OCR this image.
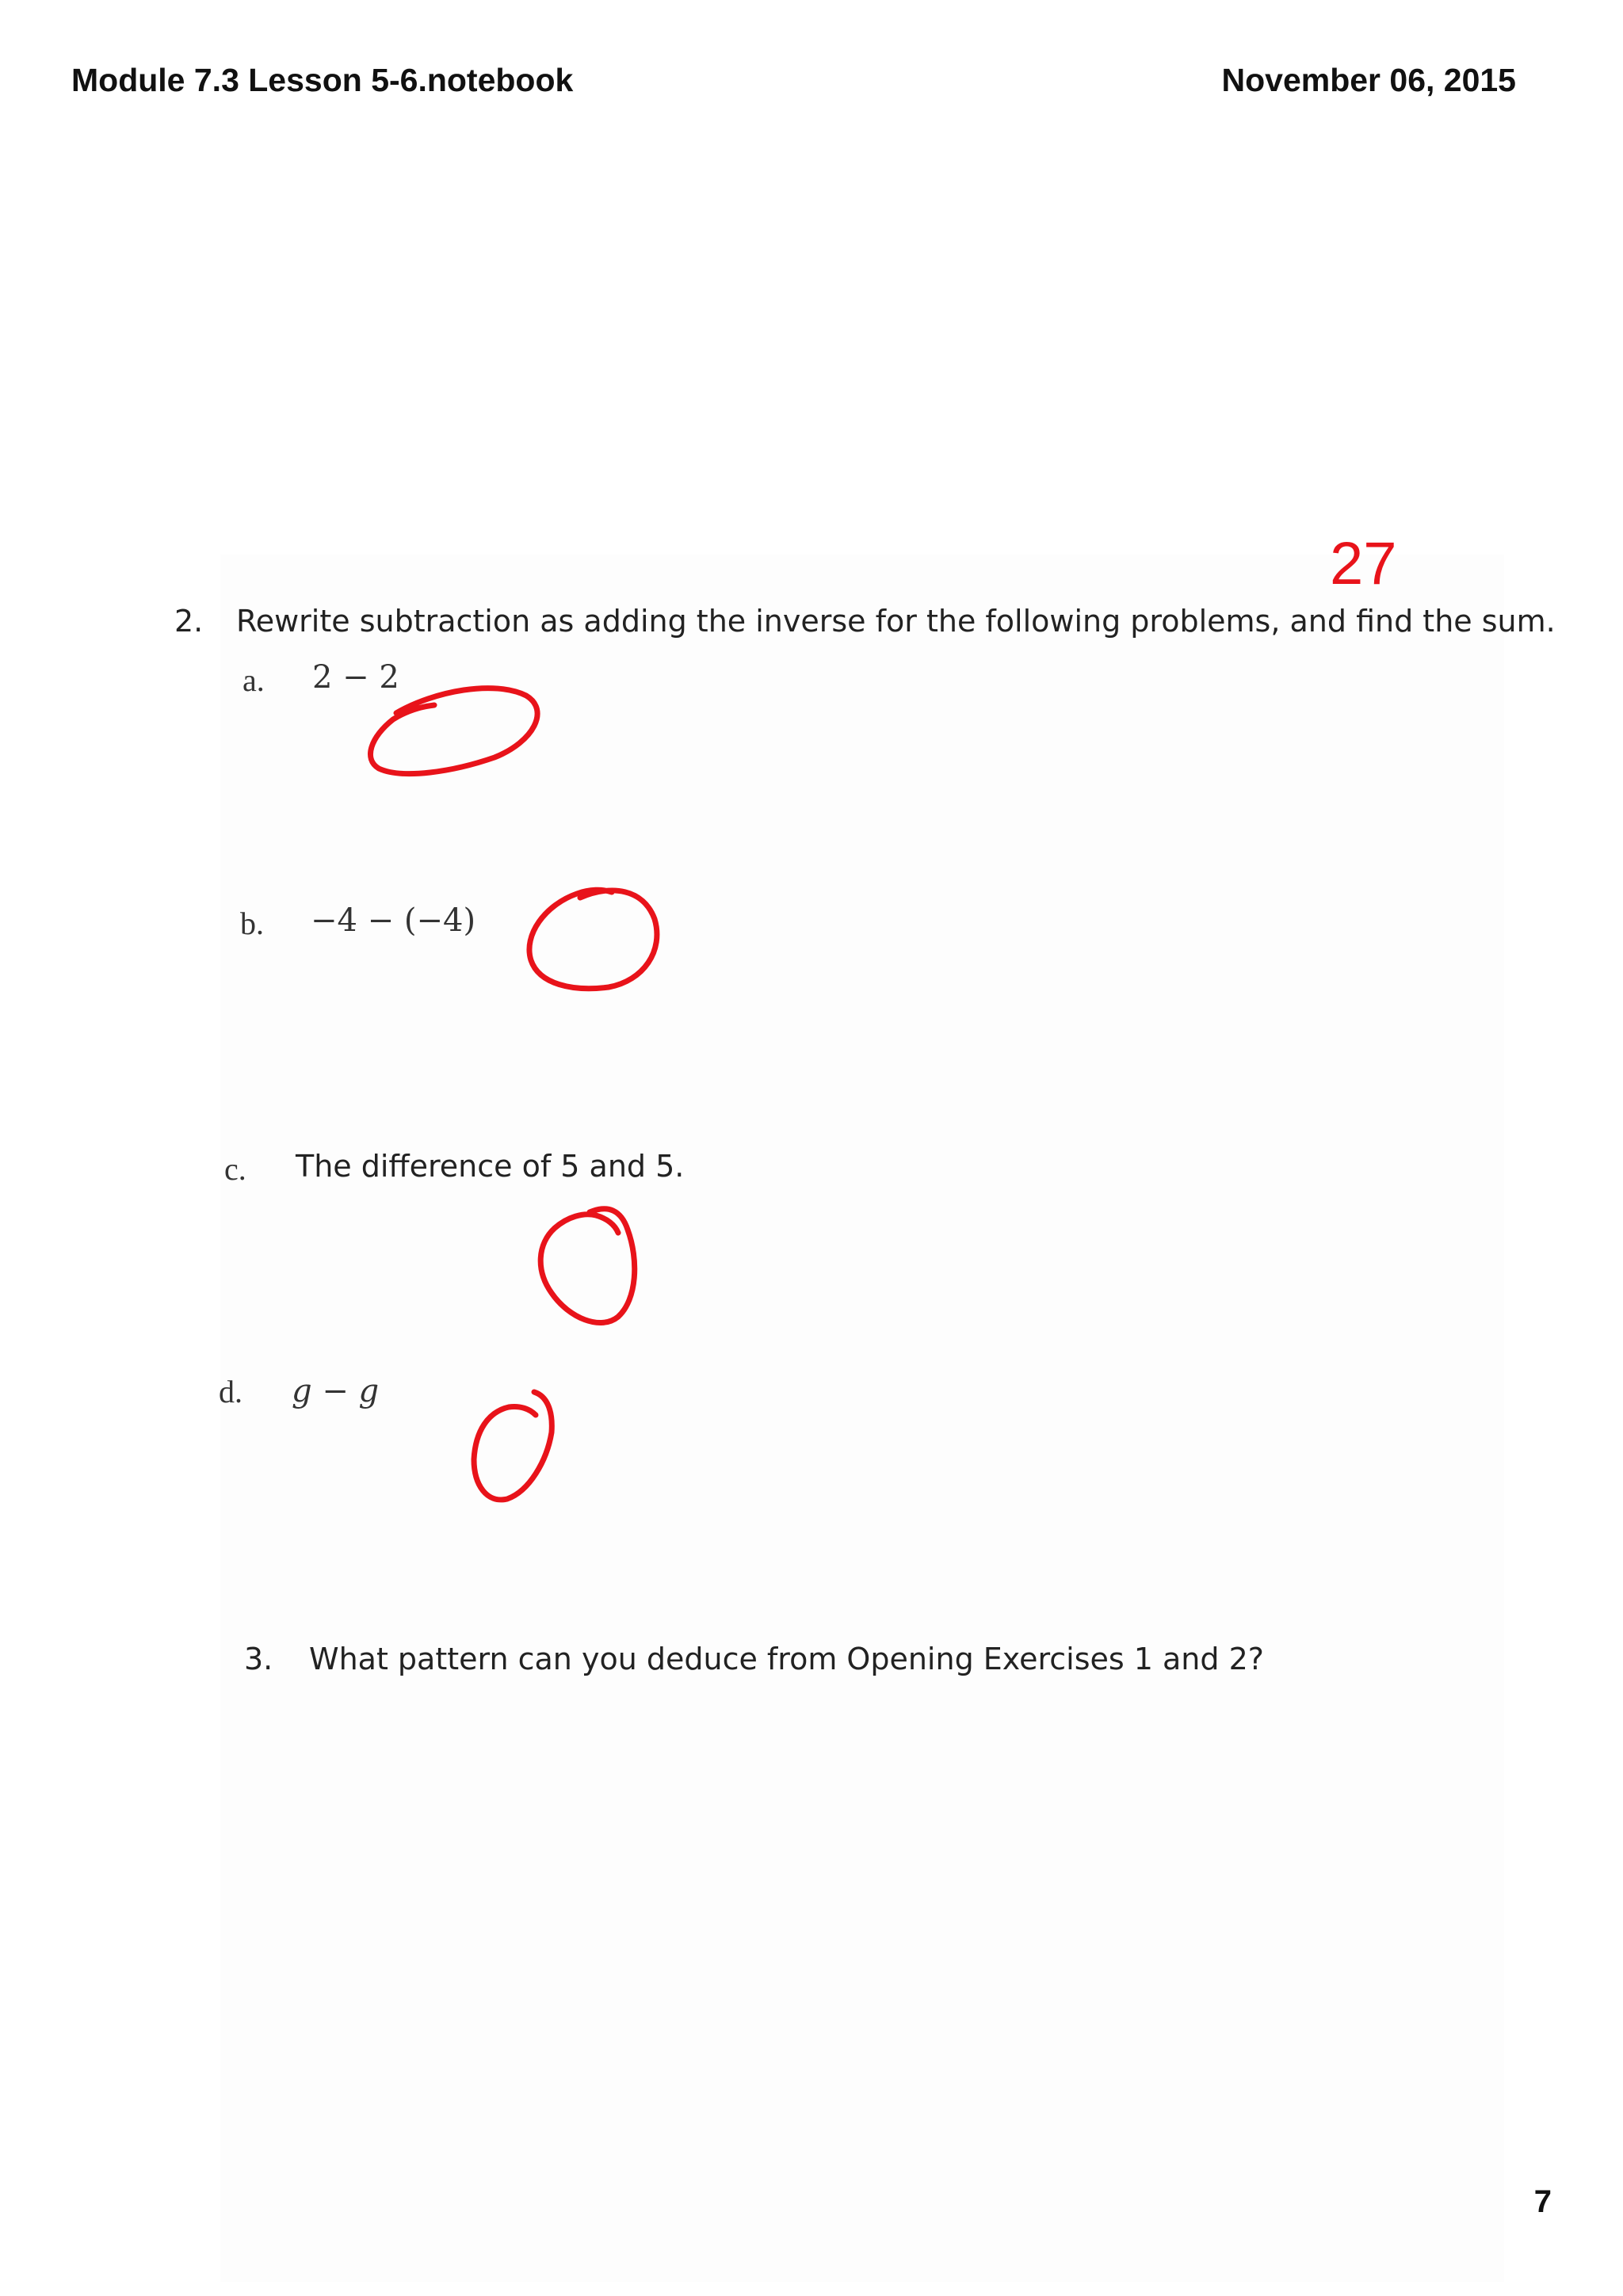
Module 7.3 Lesson 5-6.notebook	November 06, 2015
27
2. Rewrite subtraction as adding the inverse for the following problems, and find the sum.
a. 2 − 2
b. −4 − (−4)
c. The difference of 5 and 5.
d. g − g
3. What pattern can you deduce from Opening Exercises 1 and 2?
7
